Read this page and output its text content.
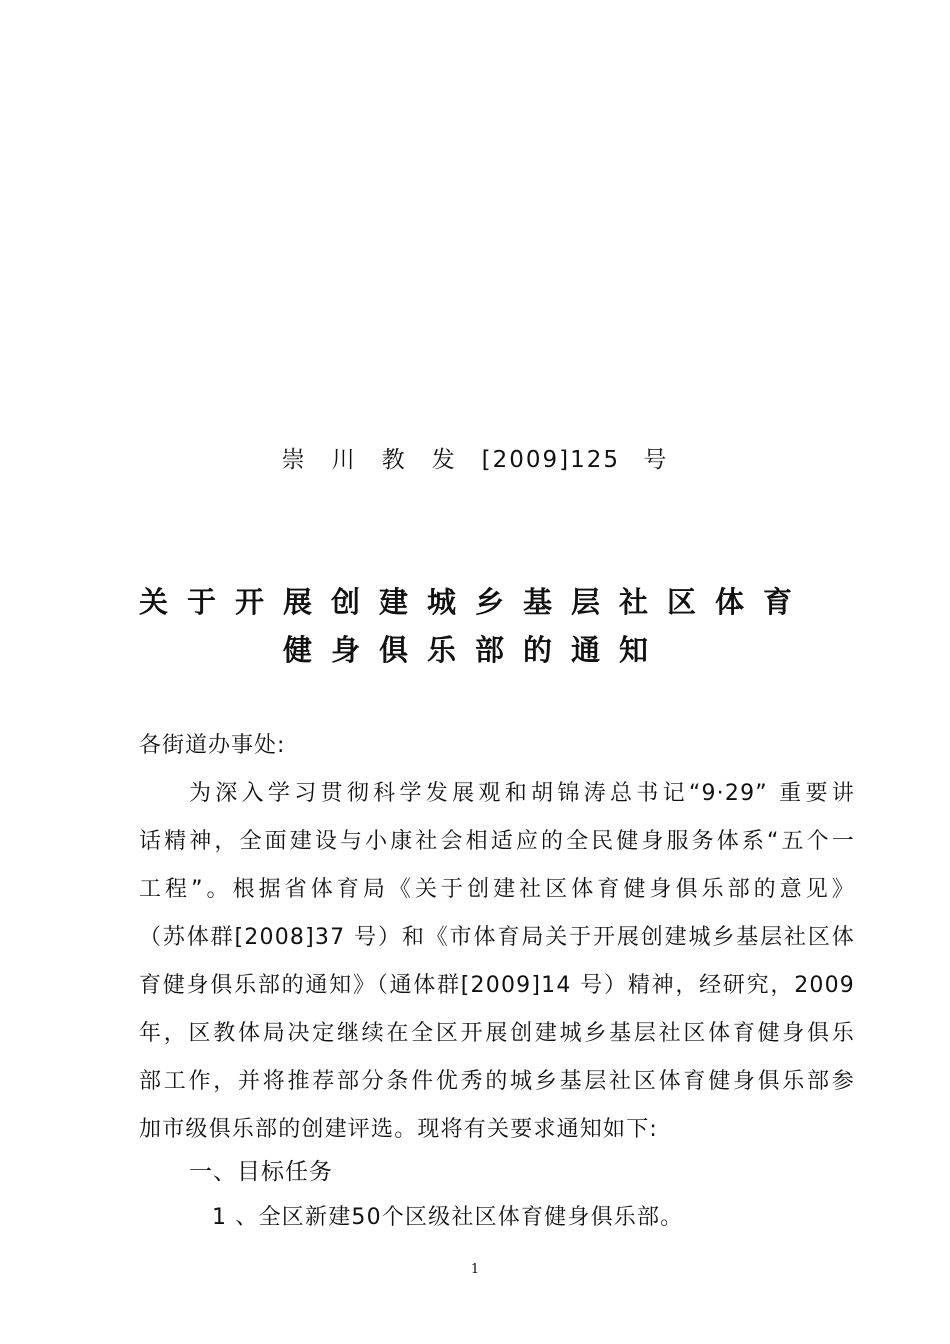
崇　川　教　发　[2009]125 号
关于开展创建城乡基层社区体育
健身俱乐部的通知
各街道办事处:
为深入学习贯彻科学发展观和胡锦涛总书记“9·29” 重要讲
话精神，全面建设与小康社会相适应的全民健身服务体系“五个一
工程”。根据省体育局《关于创建社区体育健身俱乐部的意见》
（苏体群[2008]37 号）和《市体育局关于开展创建城乡基层社区体
育健身俱乐部的通知》（通体群[2009]14 号）精神，经研究，2009
年，区教体局决定继续在全区开展创建城乡基层社区体育健身俱乐
部工作，并将推荐部分条件优秀的城乡基层社区体育健身俱乐部参
加市级俱乐部的创建评选。现将有关要求通知如下:
一、目标任务
1 、全区新建50个区级社区体育健身俱乐部。
1
